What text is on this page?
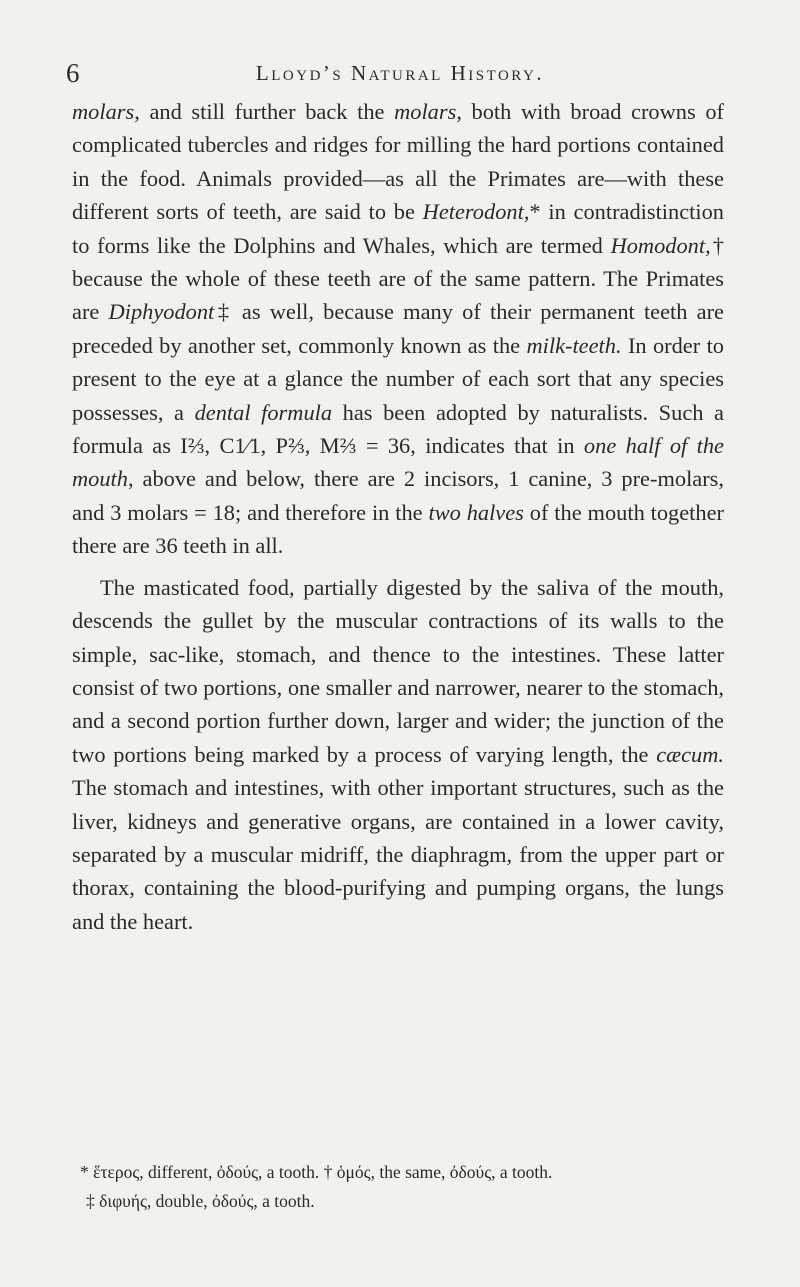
6	Lloyd’s Natural History.

molars, and still further back the molars, both with broad crowns of complicated tubercles and ridges for milling the hard portions contained in the food. Animals provided—as all the Primates are—with these different sorts of teeth, are said to be Heterodont,* in contradistinction to forms like the Dolphins and Whales, which are termed Homodont,† because the whole of these teeth are of the same pattern. The Primates are Diphyodont‡ as well, because many of their permanent teeth are preceded by another set, commonly known as the milk-teeth. In order to present to the eye at a glance the number of each sort that any species possesses, a dental formula has been adopted by naturalists. Such a formula as I⅔, C1⁄1, P⅔, M⅔ = 36, indicates that in one half of the mouth, above and below, there are 2 incisors, 1 canine, 3 pre-molars, and 3 molars = 18; and therefore in the two halves of the mouth together there are 36 teeth in all.

The masticated food, partially digested by the saliva of the mouth, descends the gullet by the muscular contractions of its walls to the simple, sac-like, stomach, and thence to the intestines. These latter consist of two portions, one smaller and narrower, nearer to the stomach, and a second portion further down, larger and wider; the junction of the two portions being marked by a process of varying length, the cæcum. The stomach and intestines, with other important structures, such as the liver, kidneys and generative organs, are contained in a lower cavity, separated by a muscular midriff, the diaphragm, from the upper part or thorax, containing the blood-purifying and pumping organs, the lungs and the heart.

* ἕτερος, different, ὀδούς, a tooth. † ὁμός, the same, ὀδούς, a tooth.
‡ διφυής, double, ὀδούς, a tooth.
